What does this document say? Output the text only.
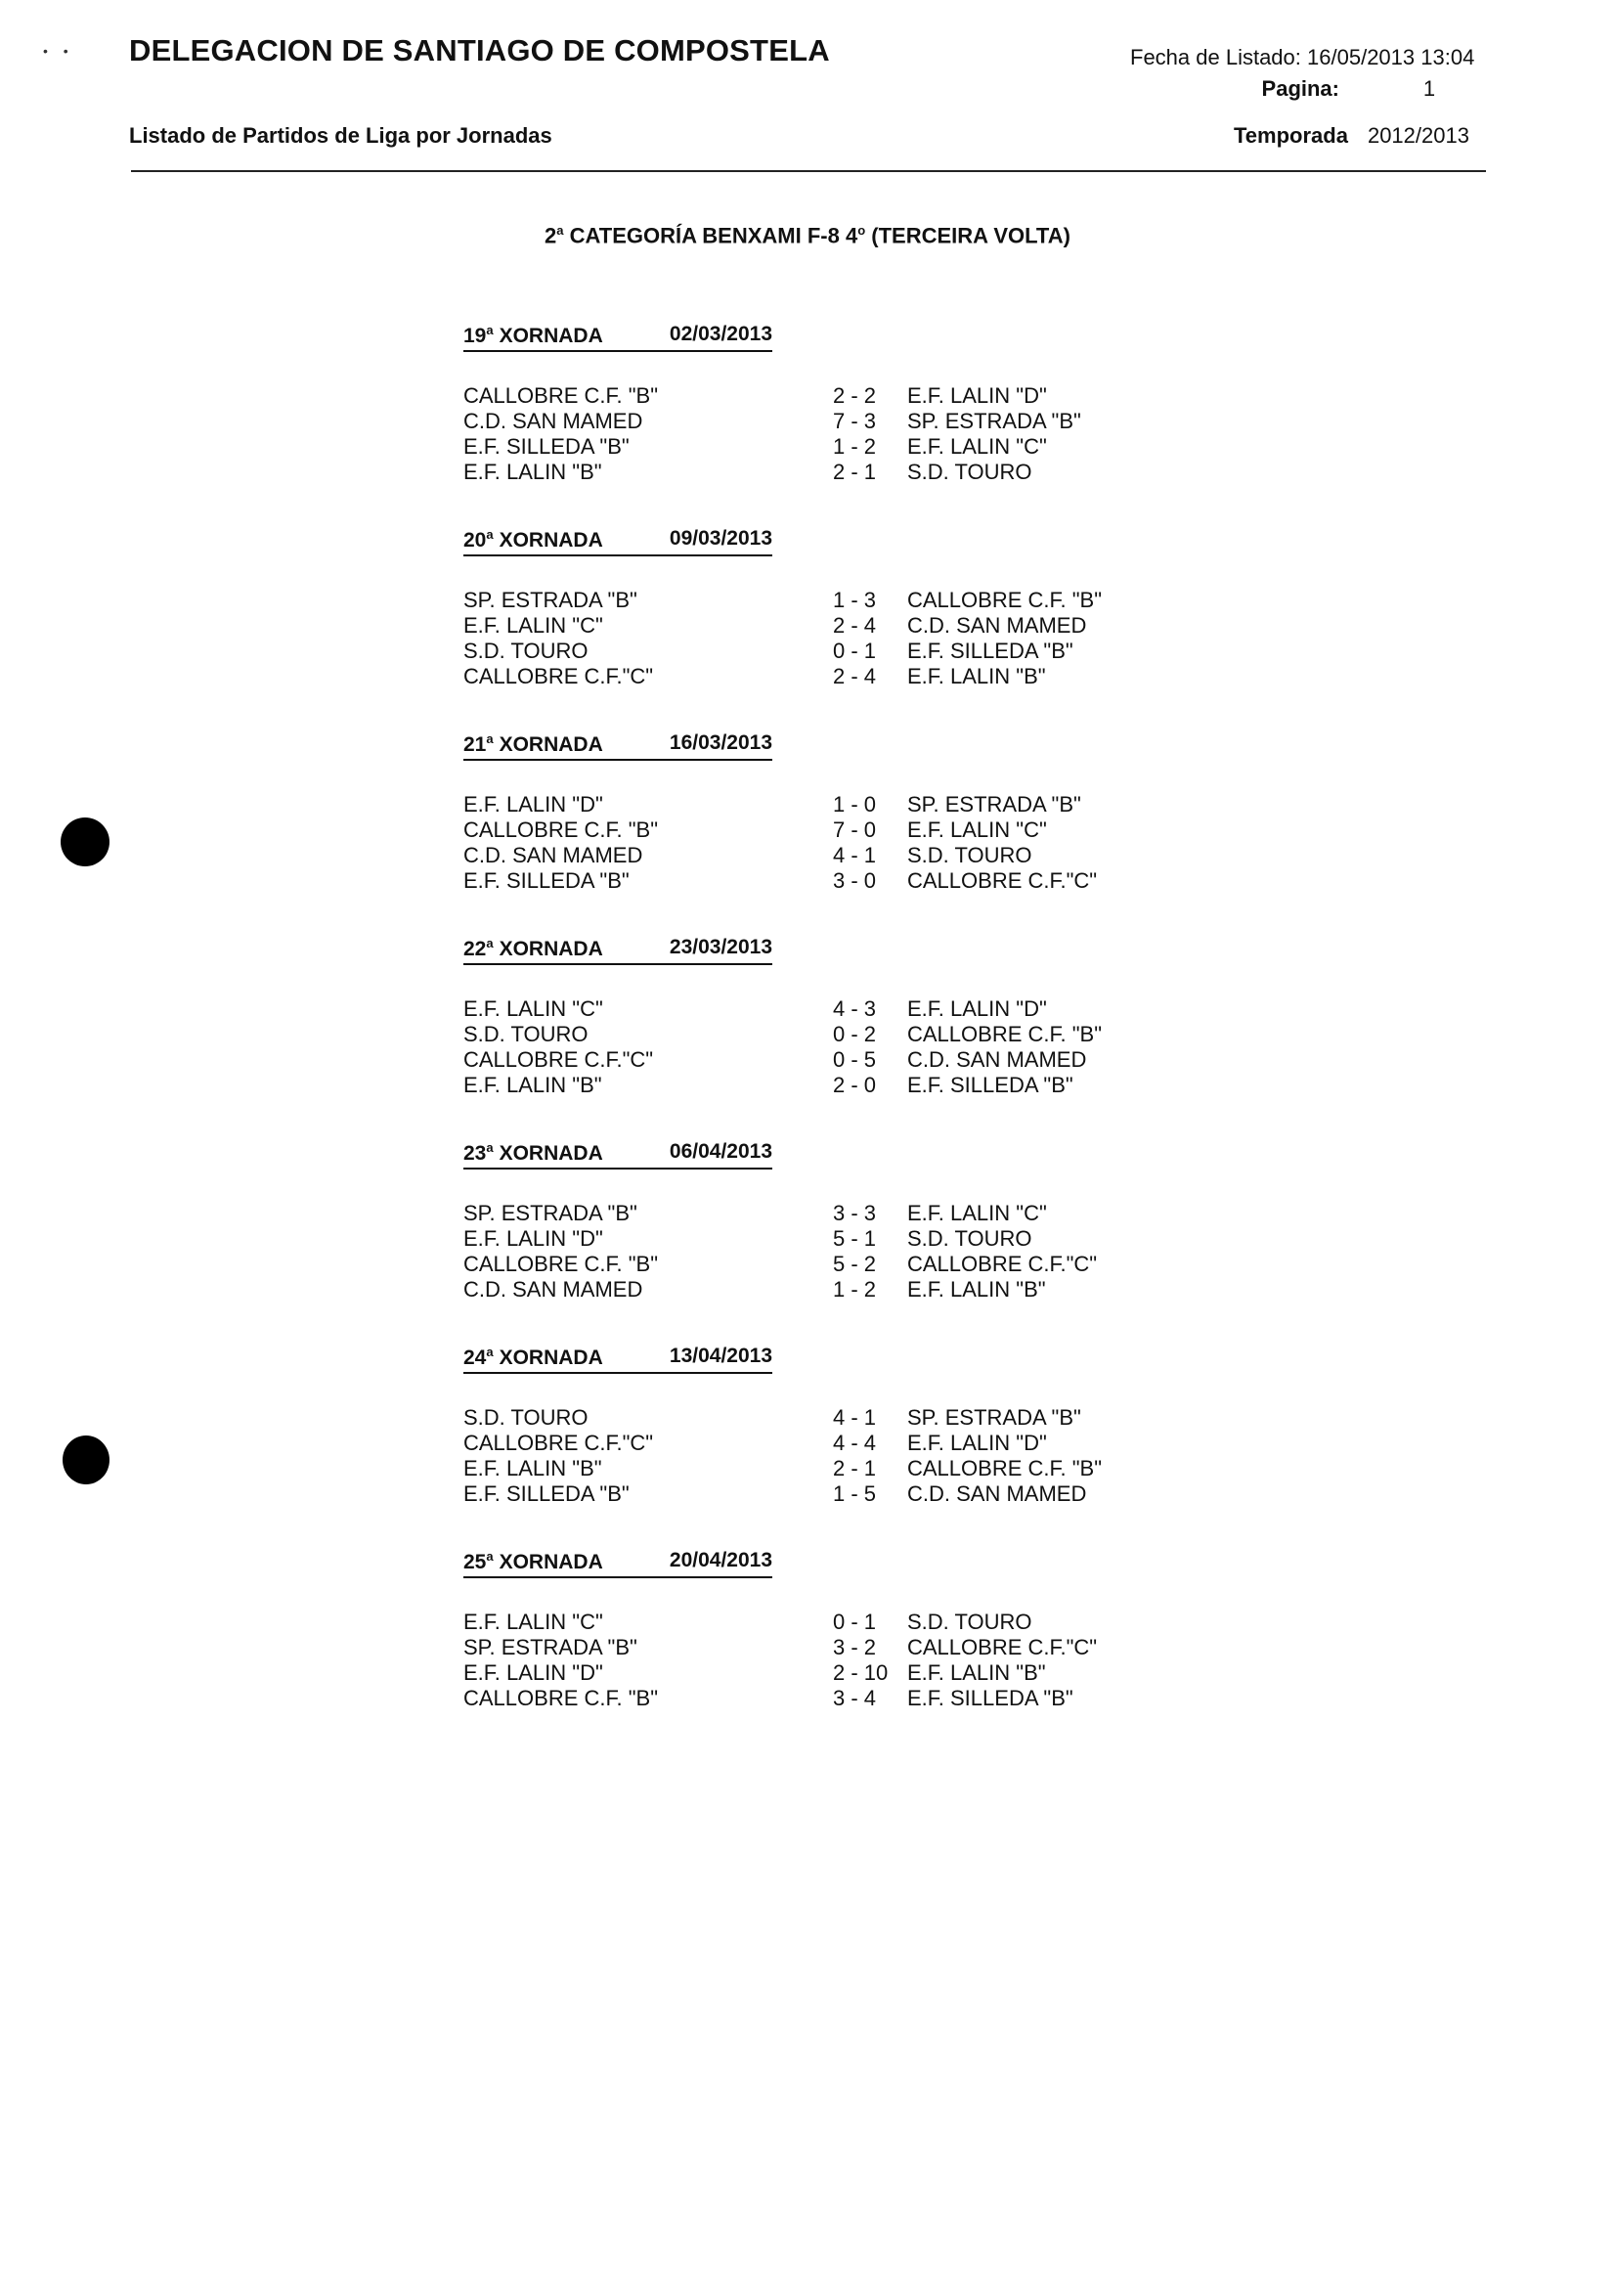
• • DELEGACION DE SANTIAGO DE COMPOSTELA	Fecha de Listado: 16/05/2013 13:04
Pagina:	1
Listado de Partidos de Liga por Jornadas	Temporada 2012/2013
2$^a$ CATEGORÍA BENXAMI F-8 4$^o$ (TERCEIRA VOLTA)
19$^a$ XORNADA	02/03/2013
CALLOBRE C.F. "B"	2 - 2	E.F. LALIN "D"
C.D. SAN MAMED	7 - 3	SP. ESTRADA "B"
E.F. SILLEDA "B"	1 - 2	E.F. LALIN "C"
E.F. LALIN "B"	2 - 1	S.D. TOURO
20$^a$ XORNADA	09/03/2013
SP. ESTRADA "B"	1 - 3	CALLOBRE C.F. "B"
E.F. LALIN "C"	2 - 4	C.D. SAN MAMED
S.D. TOURO	0 - 1	E.F. SILLEDA "B"
CALLOBRE C.F."C"	2 - 4	E.F. LALIN "B"
21$^a$ XORNADA	16/03/2013
E.F. LALIN "D"	1 - 0	SP. ESTRADA "B"
CALLOBRE C.F. "B"	7 - 0	E.F. LALIN "C"
C.D. SAN MAMED	4 - 1	S.D. TOURO
E.F. SILLEDA "B"	3 - 0	CALLOBRE C.F."C"
22$^a$ XORNADA	23/03/2013
E.F. LALIN "C"	4 - 3	E.F. LALIN "D"
S.D. TOURO	0 - 2	CALLOBRE C.F. "B"
CALLOBRE C.F."C"	0 - 5	C.D. SAN MAMED
E.F. LALIN "B"	2 - 0	E.F. SILLEDA "B"
23$^a$ XORNADA	06/04/2013
SP. ESTRADA "B"	3 - 3	E.F. LALIN "C"
E.F. LALIN "D"	5 - 1	S.D. TOURO
CALLOBRE C.F. "B"	5 - 2	CALLOBRE C.F."C"
C.D. SAN MAMED	1 - 2	E.F. LALIN "B"
24$^a$ XORNADA	13/04/2013
S.D. TOURO	4 - 1	SP. ESTRADA "B"
CALLOBRE C.F."C"	4 - 4	E.F. LALIN "D"
E.F. LALIN "B"	2 - 1	CALLOBRE C.F. "B"
E.F. SILLEDA "B"	1 - 5	C.D. SAN MAMED
25$^a$ XORNADA	20/04/2013
E.F. LALIN "C"	0 - 1	S.D. TOURO
SP. ESTRADA "B"	3 - 2	CALLOBRE C.F."C"
E.F. LALIN "D"	2 - 10 E.F. LALIN "B"
CALLOBRE C.F. "B"	3 - 4	E.F. SILLEDA "B"
